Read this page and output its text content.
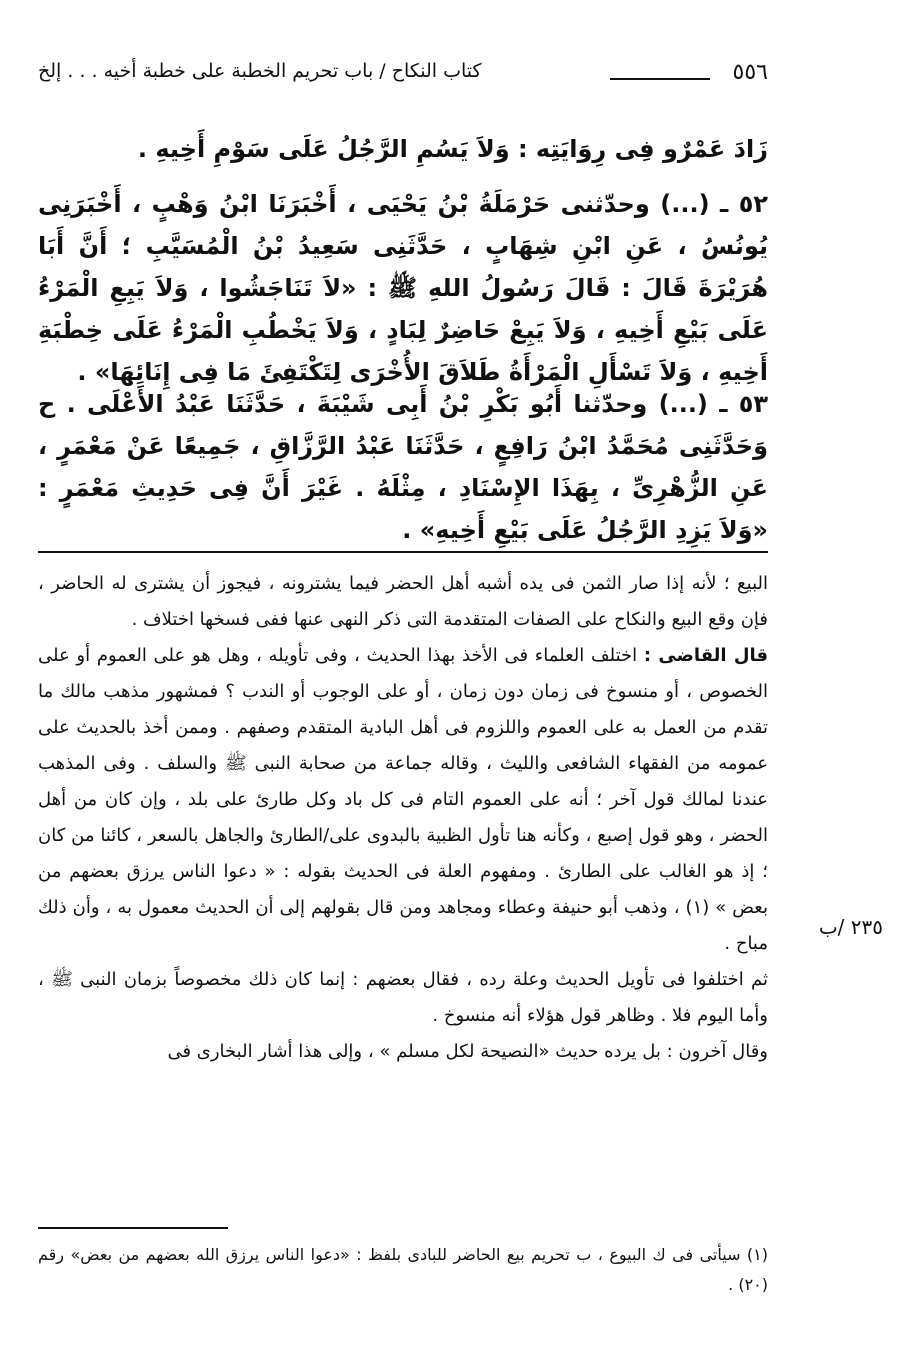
٥٥٦
كتاب النكاح / باب تحريم الخطبة على خطبة أخيه . . . إلخ

زَادَ عَمْرٌو فِى رِوَايَتِه : وَلاَ يَسُمِ الرَّجُلُ عَلَى سَوْمِ أَخِيهِ .

٥٢ ـ (...) وحدّثنى حَرْمَلَةُ بْنُ يَحْيَى ، أَخْبَرَنَا ابْنُ وَهْبٍ ، أَخْبَرَنِى يُونُسُ ، عَنِ ابْنِ شِهَابٍ ، حَدَّثَنِى سَعِيدُ بْنُ الْمُسَيَّبِ ؛ أَنَّ أَبَا هُرَيْرَةَ قَالَ : قَالَ رَسُولُ اللهِ ﷺ : «لاَ تَنَاجَشُوا ، وَلاَ يَبِعِ الْمَرْءُ عَلَى بَيْعِ أَخِيهِ ، وَلاَ يَبِعْ حَاضِرٌ لِبَادٍ ، وَلاَ يَخْطُبِ الْمَرْءُ عَلَى خِطْبَةِ أَخِيهِ ، وَلاَ تَسْأَلِ الْمَرْأَةُ طَلاَقَ الأُخْرَى لِتَكْتَفِئَ مَا فِى إِنَائِهَا» .

٥٣ ـ (...) وحدّثنا أَبُو بَكْرِ بْنُ أَبِى شَيْبَةَ ، حَدَّثَنَا عَبْدُ الأَعْلَى . ح وَحَدَّثَنِى مُحَمَّدُ ابْنُ رَافِعٍ ، حَدَّثَنَا عَبْدُ الرَّزَّاقِ ، جَمِيعًا عَنْ مَعْمَرٍ ، عَنِ الزُّهْرِىِّ ، بِهَذَا الإِسْنَادِ ، مِثْلَهُ . غَيْرَ أَنَّ فِى حَدِيثِ مَعْمَرٍ : «وَلاَ يَزِدِ الرَّجُلُ عَلَى بَيْعِ أَخِيهِ» .

البيع ؛ لأنه إذا صار الثمن فى يده أشبه أهل الحضر فيما يشترونه ، فيجوز أن يشترى له الحاضر ، فإن وقع البيع والنكاح على الصفات المتقدمة التى ذكر النهى عنها ففى فسخها اختلاف .

قال القاضى : اختلف العلماء فى الأخذ بهذا الحديث ، وفى تأويله ، وهل هو على العموم أو على الخصوص ، أو منسوخ فى زمان دون زمان ، أو على الوجوب أو الندب ؟ فمشهور مذهب مالك ما تقدم من العمل به على العموم واللزوم فى أهل البادية المتقدم وصفهم . وممن أخذ بالحديث على عمومه من الفقهاء الشافعى والليث ، وقاله جماعة من صحابة النبى ﷺ والسلف . وفى المذهب عندنا لمالك قول آخر ؛ أنه على العموم التام فى كل باد وكل طارئ على بلد ، وإن كان من أهل الحضر ، وهو قول إصبع ، وكأنه هنا تأول الظبية بالبدوى على/الطارئ والجاهل بالسعر ، كائنا من كان ؛ إذ هو الغالب على الطارئ . ومفهوم العلة فى الحديث بقوله : « دعوا الناس يرزق بعضهم من بعض » (١) ، وذهب أبو حنيفة وعطاء ومجاهد ومن قال بقولهم إلى أن الحديث معمول به ، وأن ذلك مباح .

ثم اختلفوا فى تأويل الحديث وعلة رده ، فقال بعضهم : إنما كان ذلك مخصوصاً بزمان النبى ﷺ ، وأما اليوم فلا . وظاهر قول هؤلاء أنه منسوخ .

وقال آخرون : بل يرده حديث «النصيحة لكل مسلم » ، وإلى هذا أشار البخارى فى

٢٣٥ /ب

(١) سيأتى فى ك البيوع ، ب تحريم بيع الحاضر للبادى بلفظ : «دعوا الناس يرزق الله بعضهم من بعض» رقم (٢٠) .
